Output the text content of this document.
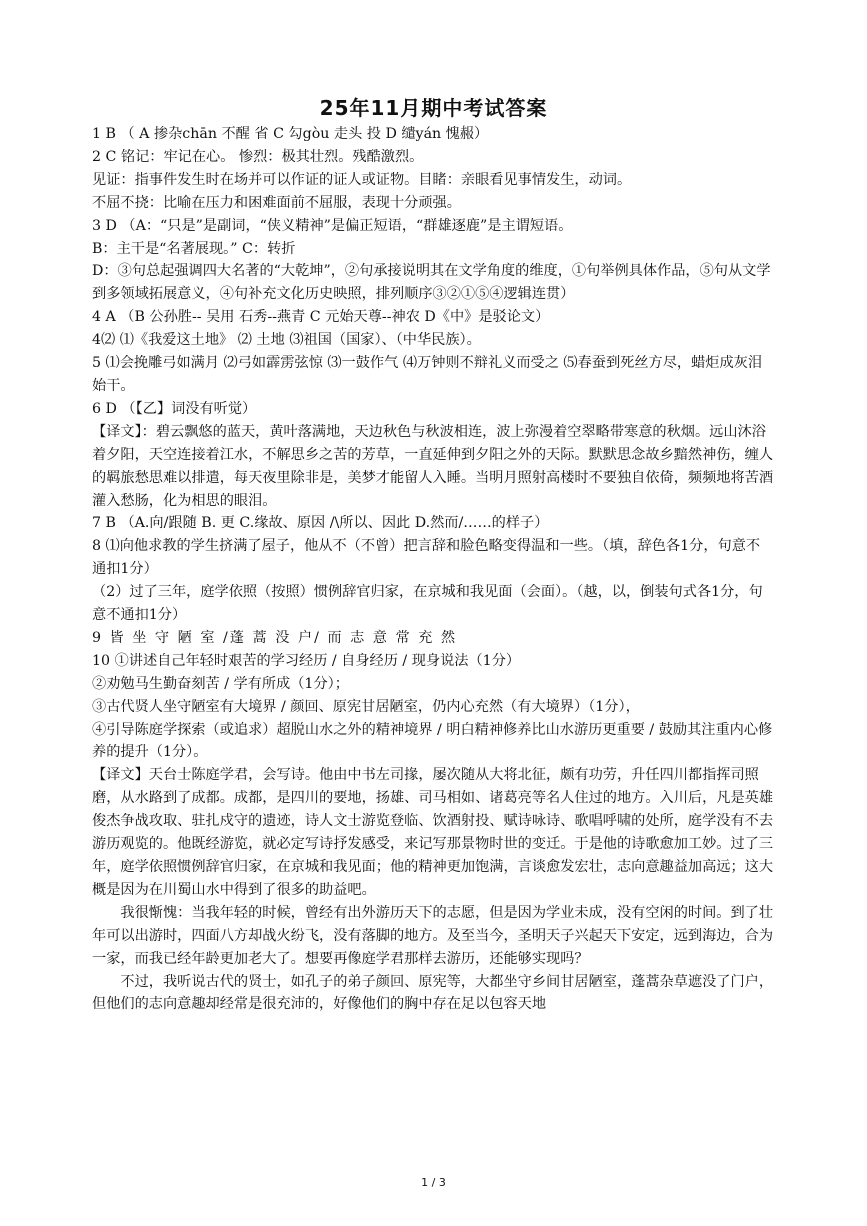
25年11月期中考试答案

1 B （ A 掺杂chān 不醒 省 C 勾gòu 走头 投 D 缱yán 愧赧）

2 C 铭记：牢记在心。 惨烈：极其壮烈。残酷激烈。

见证：指事件发生时在场并可以作证的证人或证物。目睹：亲眼看见事情发生，动词。

不屈不挠：比喻在压力和困难面前不屈服，表现十分顽强。

3 D （A：“只是”是副词，“侠义精神”是偏正短语，“群雄逐鹿”是主谓短语。

B：主干是“名著展现。” C：转折

D：③句总起强调四大名著的“大乾坤”，②句承接说明其在文学角度的维度，①句举例具体作品，⑤句从文学到多领域拓展意义，④句补充文化历史映照，排列顺序③②①⑤④逻辑连贯）

4 A （B 公孙胜-- 吴用 石秀--燕青 C 元始天尊--神农 D《中》是驳论文）

4⑵ ⑴《我爱这土地》 ⑵ 土地 ⑶祖国（国家）、（中华民族）。

5 ⑴会挽雕弓如满月 ⑵弓如霹雳弦惊 ⑶一鼓作气 ⑷万钟则不辩礼义而受之 ⑸春蚕到死丝方尽，蜡炬成灰泪始干。

6 D （【乙】词没有听觉）

【译文】：碧云飘悠的蓝天，黄叶落满地，天边秋色与秋波相连，波上弥漫着空翠略带寒意的秋烟。远山沐浴着夕阳，天空连接着江水，不解思乡之苦的芳草，一直延伸到夕阳之外的天际。默默思念故乡黯然神伤，缠人的羁旅愁思难以排遣，每天夜里除非是，美梦才能留人入睡。当明月照射高楼时不要独自依倚，频频地将苦酒灌入愁肠，化为相思的眼泪。

7 B （A.向/跟随 B. 更 C.缘故、原因 /\所以、因此 D.然而/……的样子）

8 ⑴向他求教的学生挤满了屋子，他从不（不曾）把言辞和脸色略变得温和一些。（填，辞色各1分，句意不通扣1分）

（2）过了三年，庭学依照（按照）惯例辞官归家，在京城和我见面（会面）。（越，以，倒装句式各1分，句意不通扣1分）

9 皆 坐 守 陋 室 /蓬 蒿 没 户/ 而 志 意 常 充 然

10 ①讲述自己年轻时艰苦的学习经历 / 自身经历 / 现身说法（1分）

②劝勉马生勤奋刻苦 / 学有所成（1分）；

③古代贤人坐守陋室有大境界 / 颜回、原宪甘居陋室，仍内心充然（有大境界）（1分），

④引导陈庭学探索（或追求）超脱山水之外的精神境界 / 明白精神修养比山水游历更重要 / 鼓励其注重内心修养的提升（1分）。

【译文】天台士陈庭学君，会写诗。他由中书左司掾，屡次随从大将北征，颇有功劳，升任四川都指挥司照磨，从水路到了成都。成都，是四川的要地，扬雄、司马相如、诸葛亮等名人住过的地方。入川后，凡是英雄俊杰争战攻取、驻扎戍守的遗迹，诗人文士游览登临、饮酒射投、赋诗咏诗、歌唱呼啸的处所，庭学没有不去游历观览的。他既经游览，就必定写诗抒发感受，来记写那景物时世的变迁。于是他的诗歌愈加工妙。过了三年，庭学依照惯例辞官归家，在京城和我见面；他的精神更加饱满，言谈愈发宏壮，志向意趣益加高远；这大概是因为在川蜀山水中得到了很多的助益吧。

我很惭愧：当我年轻的时候，曾经有出外游历天下的志愿，但是因为学业未成，没有空闲的时间。到了壮年可以出游时，四面八方却战火纷飞，没有落脚的地方。及至当今，圣明天子兴起天下安定，远到海边，合为一家，而我已经年龄更加老大了。想要再像庭学君那样去游历，还能够实现吗？

不过，我听说古代的贤士，如孔子的弟子颜回、原宪等，大都坐守乡间甘居陋室，蓬蒿杂草遮没了门户，但他们的志向意趣却经常是很充沛的，好像他们的胸中存在足以包容天地

1 / 3
